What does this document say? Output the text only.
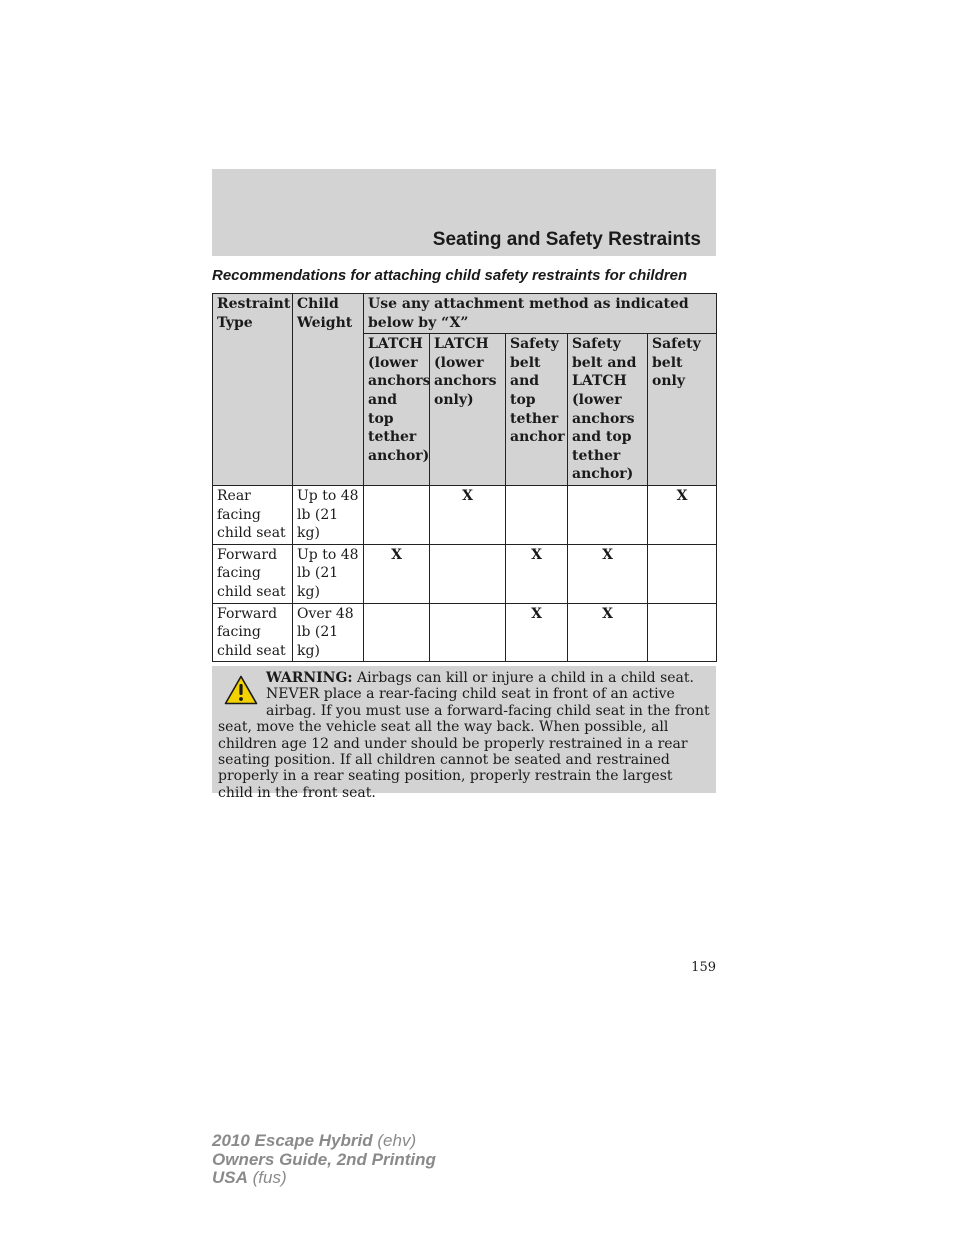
Seating and Safety Restraints

Recommendations for attaching child safety restraints for children

Restraint Type	Child Weight	Use any attachment method as indicated below by “X”				
		LATCH (lower anchors and top tether anchor)	LATCH (lower anchors only)	Safety belt and top tether anchor	Safety belt and LATCH (lower anchors and top tether anchor)	Safety belt only
Rear facing child seat	Up to 48 lb (21 kg)		X			X
Forward facing child seat	Up to 48 lb (21 kg)	X		X	X	
Forward facing child seat	Over 48 lb (21 kg)			X	X	
WARNING: Airbags can kill or injure a child in a child seat. NEVER place a rear-facing child seat in front of an active airbag. If you must use a forward-facing child seat in the front seat, move the vehicle seat all the way back. When possible, all children age 12 and under should be properly restrained in a rear seating position. If all children cannot be seated and restrained properly in a rear seating position, properly restrain the largest child in the front seat.
159
2010 Escape Hybrid (ehv)
Owners Guide, 2nd Printing
USA (fus)
